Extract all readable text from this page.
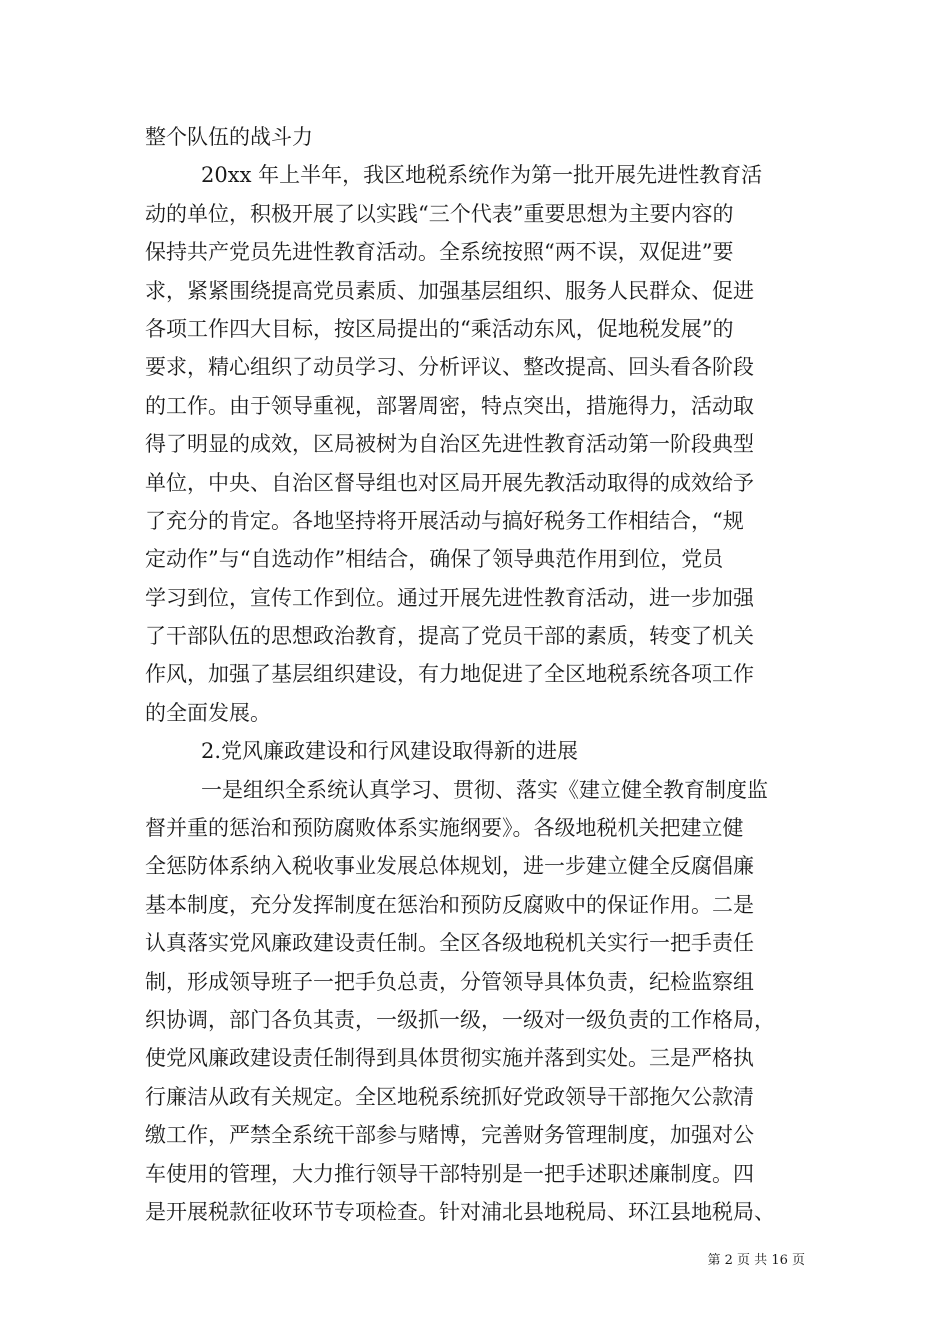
整个队伍的战斗力
20xx 年上半年，我区地税系统作为第一批开展先进性教育活
动的单位，积极开展了以实践“三个代表”重要思想为主要内容的
保持共产党员先进性教育活动。全系统按照“两不误，双促进”要
求，紧紧围绕提高党员素质、加强基层组织、服务人民群众、促进
各项工作四大目标，按区局提出的“乘活动东风，促地税发展”的
要求，精心组织了动员学习、分析评议、整改提高、回头看各阶段
的工作。由于领导重视，部署周密，特点突出，措施得力，活动取
得了明显的成效，区局被树为自治区先进性教育活动第一阶段典型
单位，中央、自治区督导组也对区局开展先教活动取得的成效给予
了充分的肯定。各地坚持将开展活动与搞好税务工作相结合，“规
定动作”与“自选动作”相结合，确保了领导典范作用到位，党员
学习到位，宣传工作到位。通过开展先进性教育活动，进一步加强
了干部队伍的思想政治教育，提高了党员干部的素质，转变了机关
作风，加强了基层组织建设，有力地促进了全区地税系统各项工作
的全面发展。
2.党风廉政建设和行风建设取得新的进展
一是组织全系统认真学习、贯彻、落实《建立健全教育制度监
督并重的惩治和预防腐败体系实施纲要》。各级地税机关把建立健
全惩防体系纳入税收事业发展总体规划，进一步建立健全反腐倡廉
基本制度，充分发挥制度在惩治和预防反腐败中的保证作用。二是
认真落实党风廉政建设责任制。全区各级地税机关实行一把手责任
制，形成领导班子一把手负总责，分管领导具体负责，纪检监察组
织协调，部门各负其责，一级抓一级，一级对一级负责的工作格局，
使党风廉政建设责任制得到具体贯彻实施并落到实处。三是严格执
行廉洁从政有关规定。全区地税系统抓好党政领导干部拖欠公款清
缴工作，严禁全系统干部参与赌博，完善财务管理制度，加强对公
车使用的管理，大力推行领导干部特别是一把手述职述廉制度。四
是开展税款征收环节专项检查。针对浦北县地税局、环江县地税局、
第 2 页 共 16 页
